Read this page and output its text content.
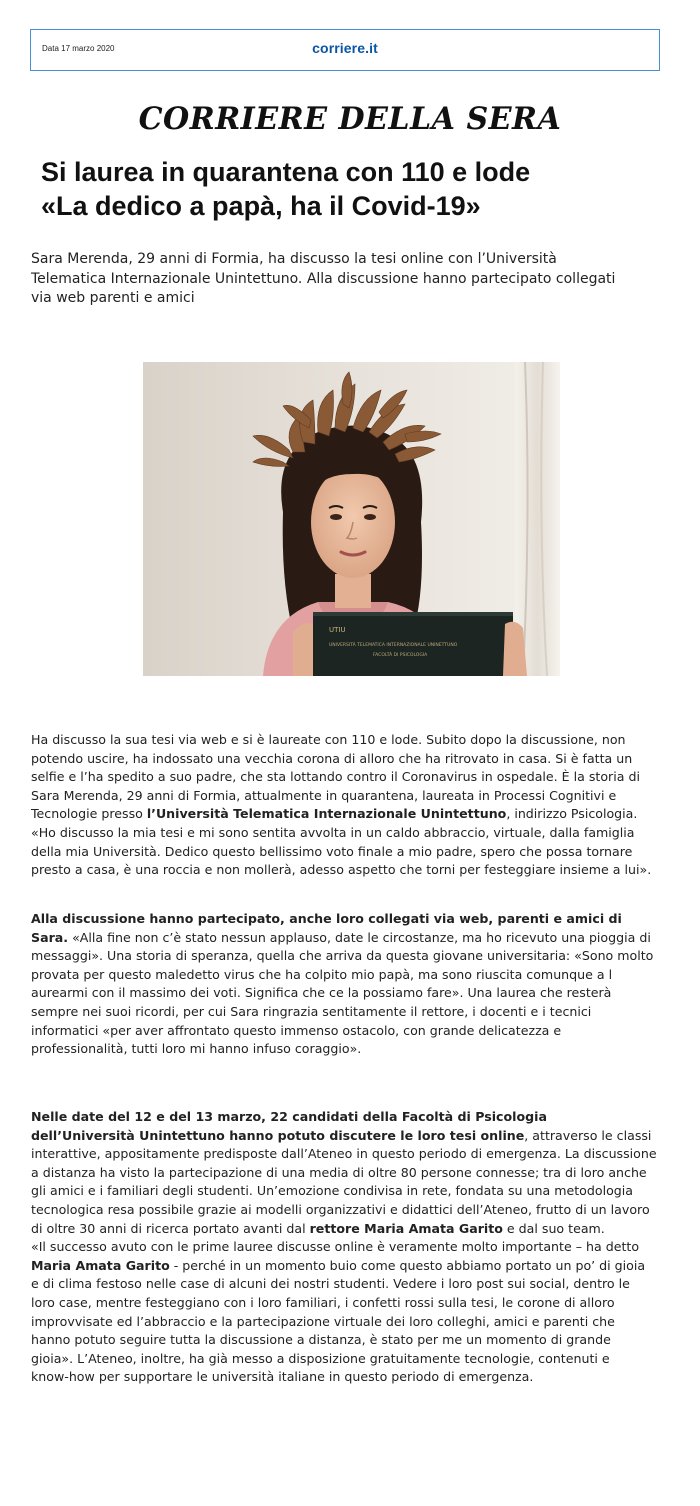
Data 17 marzo 2020	corriere.it
CORRIERE DELLA SERA
Si laurea in quarantena con 110 e lode
«La dedico a papà, ha il Covid-19»
Sara Merenda, 29 anni di Formia, ha discusso la tesi online con l’Università
Telematica Internazionale Unintettuno. Alla discussione hanno partecipato collegati
via web parenti e amici
UTIU
UNIVERSITÀ TELEMATICA INTERNAZIONALE UNINETTUNO
FACOLTÀ DI PSICOLOGIA
Ha discusso la sua tesi via web e si è laureate con 110 e lode. Subito dopo la discussione, non
potendo uscire, ha indossato una vecchia corona di alloro che ha ritrovato in casa. Si è fatta un
selfie e l’ha spedito a suo padre, che sta lottando contro il Coronavirus in ospedale. È la storia di
Sara Merenda, 29 anni di Formia, attualmente in quarantena, laureata in Processi Cognitivi e
Tecnologie presso l’Università Telematica Internazionale Unintettuno, indirizzo Psicologia.
«Ho discusso la mia tesi e mi sono sentita avvolta in un caldo abbraccio, virtuale, dalla famiglia
della mia Università. Dedico questo bellissimo voto finale a mio padre, spero che possa tornare
presto a casa, è una roccia e non mollerà, adesso aspetto che torni per festeggiare insieme a lui».
Alla discussione hanno partecipato, anche loro collegati via web, parenti e amici di
Sara. «Alla fine non c’è stato nessun applauso, date le circostanze, ma ho ricevuto una pioggia di
messaggi». Una storia di speranza, quella che arriva da questa giovane universitaria: «Sono molto
provata per questo maledetto virus che ha colpito mio papà, ma sono riuscita comunque a l
aurearmi con il massimo dei voti. Significa che ce la possiamo fare». Una laurea che resterà
sempre nei suoi ricordi, per cui Sara ringrazia sentitamente il rettore, i docenti e i tecnici
informatici «per aver affrontato questo immenso ostacolo, con grande delicatezza e
professionalità, tutti loro mi hanno infuso coraggio».
Nelle date del 12 e del 13 marzo, 22 candidati della Facoltà di Psicologia
dell’Università Unintettuno hanno potuto discutere le loro tesi online, attraverso le classi
interattive, appositamente predisposte dall’Ateneo in questo periodo di emergenza. La discussione
a distanza ha visto la partecipazione di una media di oltre 80 persone connesse; tra di loro anche
gli amici e i familiari degli studenti. Un’emozione condivisa in rete, fondata su una metodologia
tecnologica resa possibile grazie ai modelli organizzativi e didattici dell’Ateneo, frutto di un lavoro
di oltre 30 anni di ricerca portato avanti dal rettore Maria Amata Garito e dal suo team.
«Il successo avuto con le prime lauree discusse online è veramente molto importante – ha detto
Maria Amata Garito - perché in un momento buio come questo abbiamo portato un po’ di gioia
e di clima festoso nelle case di alcuni dei nostri studenti. Vedere i loro post sui social, dentro le
loro case, mentre festeggiano con i loro familiari, i confetti rossi sulla tesi, le corone di alloro
improvvisate ed l’abbraccio e la partecipazione virtuale dei loro colleghi, amici e parenti che
hanno potuto seguire tutta la discussione a distanza, è stato per me un momento di grande
gioia». L’Ateneo, inoltre, ha già messo a disposizione gratuitamente tecnologie, contenuti e
know-how per supportare le università italiane in questo periodo di emergenza.
